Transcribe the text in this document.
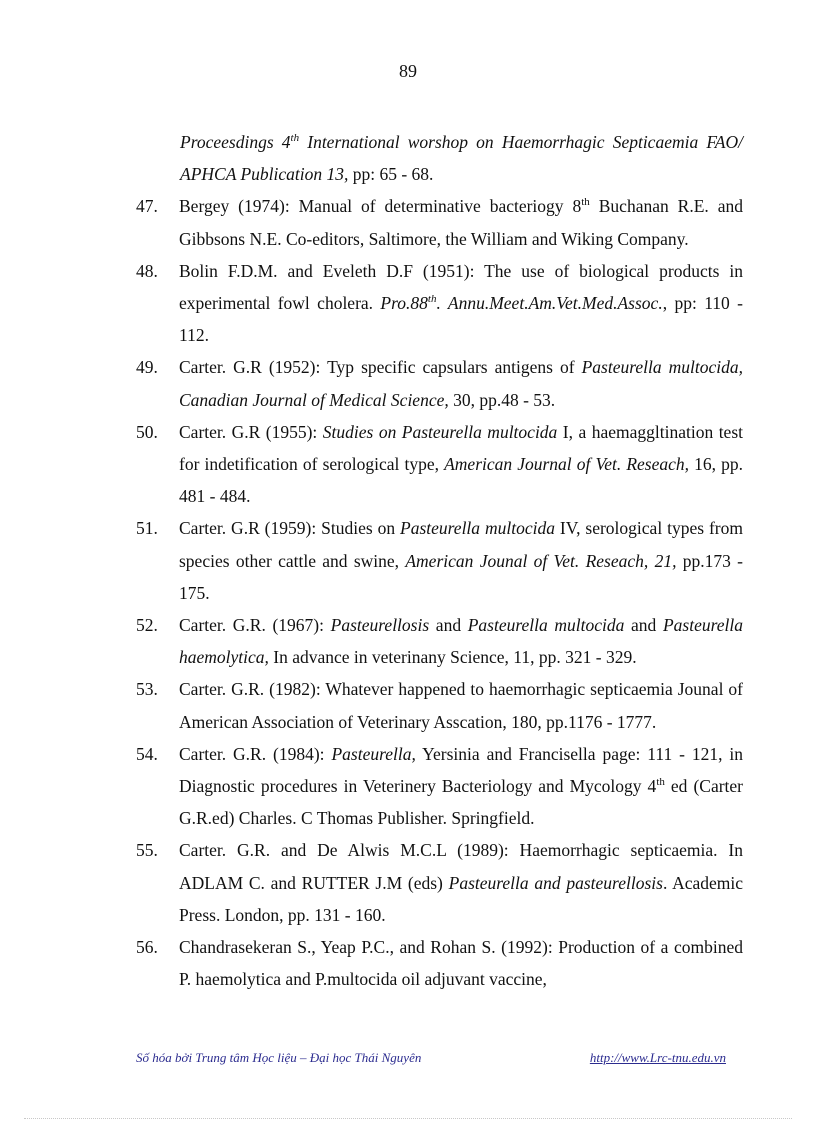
89
Proceesdings 4th International worshop on Haemorrhagic Septicaemia FAO/ APHCA Publication 13, pp: 65 - 68.
47. Bergey (1974): Manual of determinative bacteriogy 8th Buchanan R.E. and Gibbsons N.E. Co-editors, Saltimore, the William and Wiking Company.
48. Bolin F.D.M. and Eveleth D.F (1951): The use of biological products in experimental fowl cholera. Pro.88th. Annu.Meet.Am.Vet.Med.Assoc., pp: 110 - 112.
49. Carter. G.R (1952): Typ specific capsulars antigens of Pasteurella multocida, Canadian Journal of Medical Science, 30, pp.48 - 53.
50. Carter. G.R (1955): Studies on Pasteurella multocida I, a haemaggltination test for indetification of serological type, American Journal of Vet. Reseach, 16, pp. 481 - 484.
51. Carter. G.R (1959): Studies on Pasteurella multocida IV, serological types from species other cattle and swine, American Jounal of Vet. Reseach, 21, pp.173 - 175.
52. Carter. G.R. (1967): Pasteurellosis and Pasteurella multocida and Pasteurella haemolytica, In advance in veterinany Science, 11, pp. 321 - 329.
53. Carter. G.R. (1982): Whatever happened to haemorrhagic septicaemia Jounal of American Association of Veterinary Asscation, 180, pp.1176 - 1777.
54. Carter. G.R. (1984): Pasteurella, Yersinia and Francisella page: 111 - 121, in Diagnostic procedures in Veterinery Bacteriology and Mycology 4th ed (Carter G.R.ed) Charles. C Thomas Publisher. Springfield.
55. Carter. G.R. and De Alwis M.C.L (1989): Haemorrhagic septicaemia. In ADLAM C. and RUTTER J.M (eds) Pasteurella and pasteurellosis. Academic Press. London, pp. 131 - 160.
56. Chandrasekeran S., Yeap P.C., and Rohan S. (1992): Production of a combined P. haemolytica and P.multocida oil adjuvant vaccine,
Số hóa bởi Trung tâm Học liệu – Đại học Thái Nguyên	http://www.Lrc-tnu.edu.vn
